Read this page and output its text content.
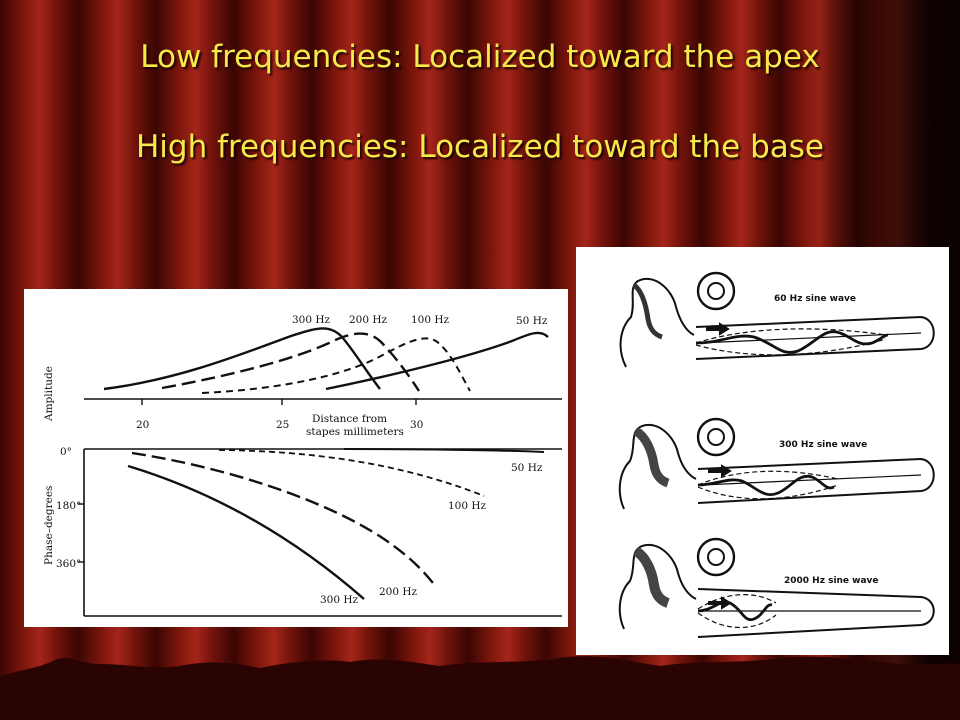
Low frequencies: Localized toward the apex
High frequencies: Localized toward the base
300 Hz 200 Hz 100 Hz	50 Hz
20	25	30
Distance from
stapes millimeters
Amplitude
Phase–degrees
0°
180°
360°
50 Hz
100 Hz
200 Hz
300 Hz
60 Hz sine wave
300 Hz sine wave
2000 Hz sine wave
